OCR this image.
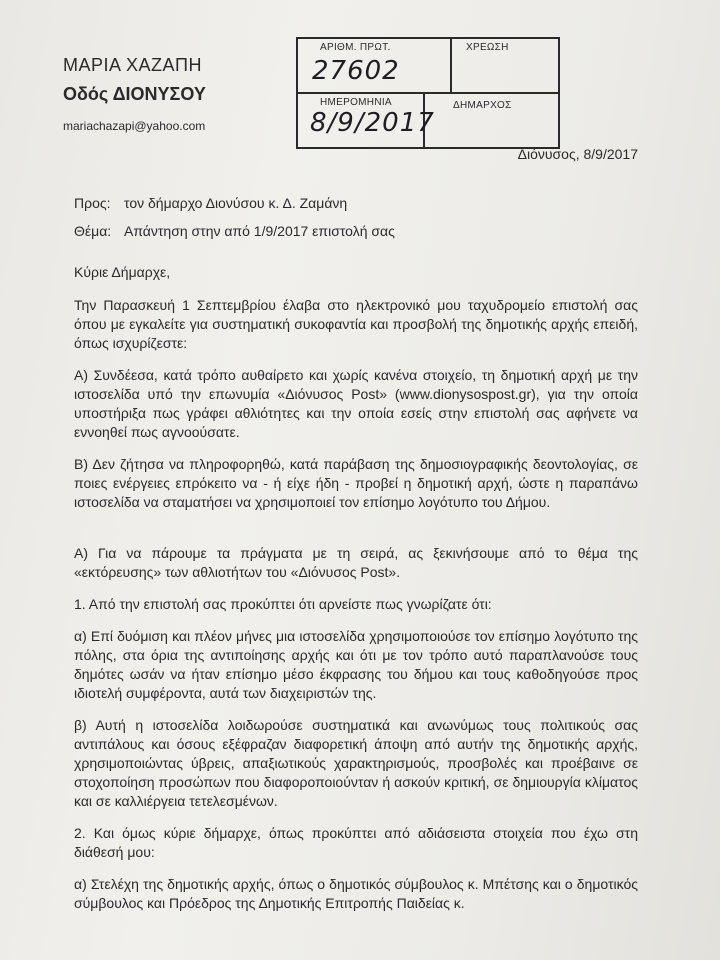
ΜΑΡΙΑ ΧΑΖΑΠΗ
Οδός ΔΙΟΝΥΣΟΥ
mariachazapi@yahoo.com
ΑΡΙΘΜ. ΠΡΩΤ.
27602
ΧΡΕΩΣΗ
ΗΜΕΡΟΜΗΝΙΑ
8/9/2017
ΔΗΜΑΡΧΟΣ
Διόνυσος, 8/9/2017
Προς: τον δήμαρχο Διονύσου κ. Δ. Ζαμάνη
Θέμα: Απάντηση στην από 1/9/2017 επιστολή σας

Κύριε Δήμαρχε,

Την Παρασκευή 1 Σεπτεμβρίου έλαβα στο ηλεκτρονικό μου ταχυδρομείο επιστολή σας όπου με εγκαλείτε για συστηματική συκοφαντία και προσβολή της δημοτικής αρχής επειδή, όπως ισχυρίζεστε:

Α) Συνδέεσα, κατά τρόπο αυθαίρετο και χωρίς κανένα στοιχείο, τη δημοτική αρχή με την ιστοσελίδα υπό την επωνυμία «Διόνυσος Post» (www.dionysospost.gr), για την οποία υποστήριξα πως γράφει αθλιότητες και την οποία εσείς στην επιστολή σας αφήνετε να εννοηθεί πως αγνοούσατε.

Β) Δεν ζήτησα να πληροφορηθώ, κατά παράβαση της δημοσιογραφικής δεοντολογίας, σε ποιες ενέργειες επρόκειτο να - ή είχε ήδη - προβεί η δημοτική αρχή, ώστε η παραπάνω ιστοσελίδα να σταματήσει να χρησιμοποιεί τον επίσημο λογότυπο του Δήμου.

Α) Για να πάρουμε τα πράγματα με τη σειρά, ας ξεκινήσουμε από το θέμα της «εκτόρευσης» των αθλιοτήτων του «Διόνυσος Post».

1. Από την επιστολή σας προκύπτει ότι αρνείστε πως γνωρίζατε ότι:

α) Επί δυόμιση και πλέον μήνες μια ιστοσελίδα χρησιμοποιούσε τον επίσημο λογότυπο της πόλης, στα όρια της αντιποίησης αρχής και ότι με τον τρόπο αυτό παραπλανούσε τους δημότες ωσάν να ήταν επίσημο μέσο έκφρασης του δήμου και τους καθοδηγούσε προς ιδιοτελή συμφέροντα, αυτά των διαχειριστών της.

β) Αυτή η ιστοσελίδα λοιδωρούσε συστηματικά και ανωνύμως τους πολιτικούς σας αντιπάλους και όσους εξέφραζαν διαφορετική άποψη από αυτήν της δημοτικής αρχής, χρησιμοποιώντας ύβρεις, απαξιωτικούς χαρακτηρισμούς, προσβολές και προέβαινε σε στοχοποίηση προσώπων που διαφοροποιούνταν ή ασκούν κριτική, σε δημιουργία κλίματος και σε καλλιέργεια τετελεσμένων.

2. Και όμως κύριε δήμαρχε, όπως προκύπτει από αδιάσειστα στοιχεία που έχω στη διάθεσή μου:

α) Στελέχη της δημοτικής αρχής, όπως ο δημοτικός σύμβουλος κ. Μπέτσης και ο δημοτικός σύμβουλος και Πρόεδρος της Δημοτικής Επιτροπής Παιδείας κ.
